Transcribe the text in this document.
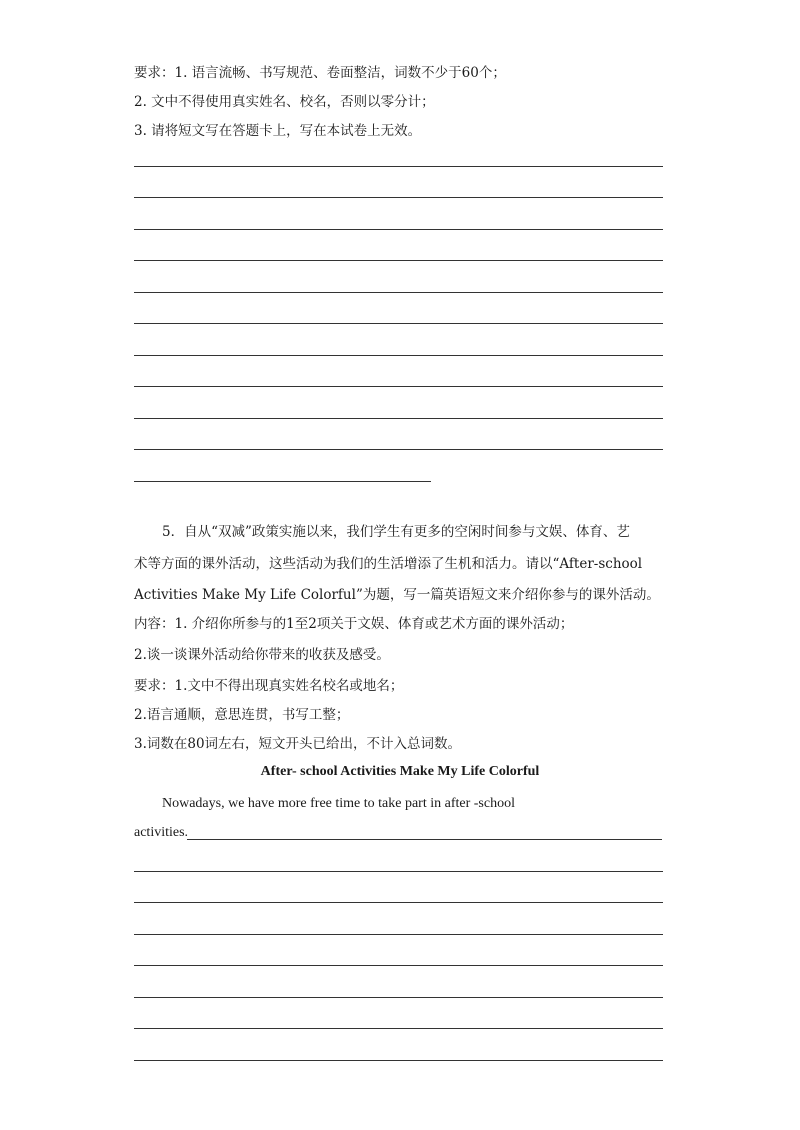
要求：1. 语言流畅、书写规范、卷面整洁，词数不少于60个；
2. 文中不得使用真实姓名、校名，否则以零分计；
3. 请将短文写在答题卡上，写在本试卷上无效。
5．自从“双减”政策实施以来，我们学生有更多的空闲时间参与文娱、体育、艺
术等方面的课外活动，这些活动为我们的生活增添了生机和活力。请以“After-school
Activities Make My Life Colorful”为题，写一篇英语短文来介绍你参与的课外活动。
内容：1. 介绍你所参与的1至2项关于文娱、体育或艺术方面的课外活动；
2.谈一谈课外活动给你带来的收获及感受。
要求：1.文中不得出现真实姓名校名或地名；
2.语言通顺，意思连贯，书写工整；
3.词数在80词左右，短文开头已给出，不计入总词数。
After- school Activities Make My Life Colorful
Nowadays, we have more free time to take part in after -school
activities.
